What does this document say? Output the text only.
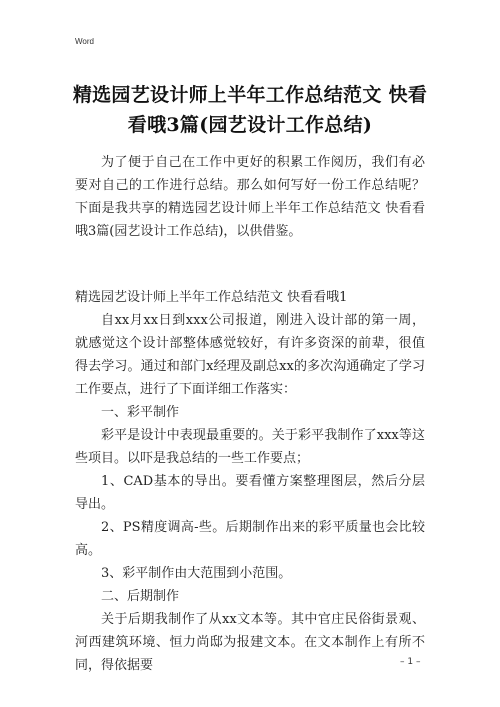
Word
精选园艺设计师上半年工作总结范文 快看
看哦3篇(园艺设计工作总结)

为了便于自己在工作中更好的积累工作阅历，我们有必要对自己的工作进行总结。那么如何写好一份工作总结呢？下面是我共享的精选园艺设计师上半年工作总结范文 快看看哦3篇(园艺设计工作总结)，以供借鉴。

精选园艺设计师上半年工作总结范文 快看看哦1

自xx月xx日到xxx公司报道，刚进入设计部的第一周，就感觉这个设计部整体感觉较好，有许多资深的前辈，很值得去学习。通过和部门x经理及副总xx的多次沟通确定了学习工作要点，进行了下面详细工作落实：

一、彩平制作

彩平是设计中表现最重要的。关于彩平我制作了xxx等这些项目。以吓是我总结的一些工作要点；

1、CAD基本的导出。要看懂方案整理图层，然后分层导出。

2、PS精度调高-些。后期制作出来的彩平质量也会比较高。

3、彩平制作由大范围到小范围。

二、后期制作

关于后期我制作了从xx文本等。其中官庄民俗街景观、河西建筑环境、恒力尚邸为报建文本。在文本制作上有所不同，得依据要	– 1 –
